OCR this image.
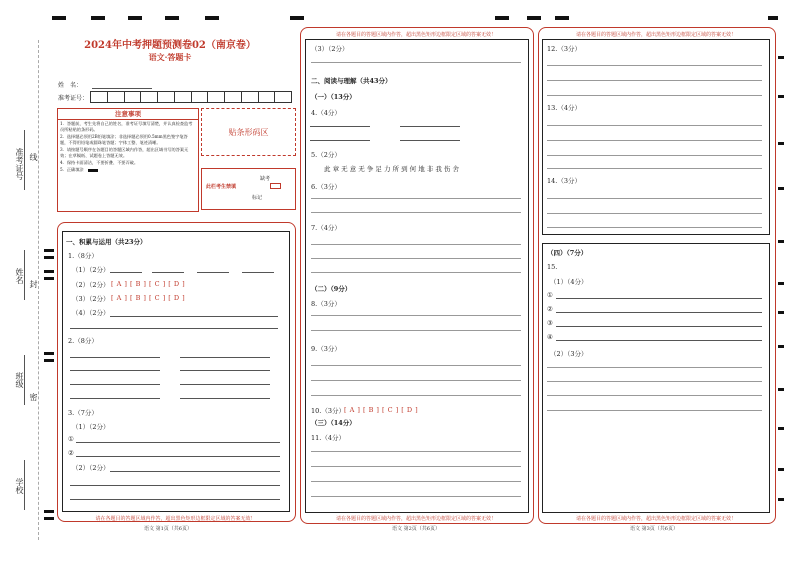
准考证号
姓名
班级
学校
线
封
密
2024年中考押题预测卷02（南京卷）
语文·答题卡
姓　名：
准考证号：
注意事项
1．答题前，考生先将自己的姓名，准考证号填写清楚，并认真检查监考员所粘贴的条形码。
2．选择题必须用2B铅笔填涂；非选择题必须用0.5mm黑色签字笔答题，不得用铅笔或圆珠笔答题；字体工整、笔迹清晰。
3．请按题号顺序在各题目的答题区域内作答，超出区域书写的答案无效；在草稿纸、试题卷上答题无效。
4．保持卡面清洁，不要折叠、不要弄破。
5．正确填涂
贴条形码区
此栏考生禁填
缺考
标记
一、积累与运用（共23分）
1.（8分）
（1）（2分）
（2）（2分） [ A ] [ B ] [ C ] [ D ]
（3）（2分） [ A ] [ B ] [ C ] [ D ]
（4）（2分）
2.（8分）
3.（7分）
（1）（2分）
①
②
（2）（2分）
请在各题目的答题区域内作答，超出黑色矩形边框限定区域的答案无效！
语文 第1页（共6页）
请在各题目的答题区域内作答，超出黑色矩形边框限定区域的答案无效！
（3）（2分）
二、阅读与理解（共43分）
（一）（13分）
4.（4分）
5.（2分）
此 章 无 意 无 争 足 力 所 到 何 地 非 我 伤 舍
6.（3分）
7.（4分）
（二）（9分）
8.（3分）
9.（3分）
10.（3分） [ A ] [ B ] [ C ] [ D ]
（三）（14分）
11.（4分）
请在各题目的答题区域内作答，超出黑色矩形边框限定区域的答案无效！
语文 第2页（共6页）
请在各题目的答题区域内作答，超出黑色矩形边框限定区域的答案无效！
12.（3分）
13.（4分）
14.（3分）
（四）（7分）
15.
（1）（4分）
①
②
③
④
（2）（3分）
请在各题目的答题区域内作答，超出黑色矩形边框限定区域的答案无效！
语文 第3页（共6页）
